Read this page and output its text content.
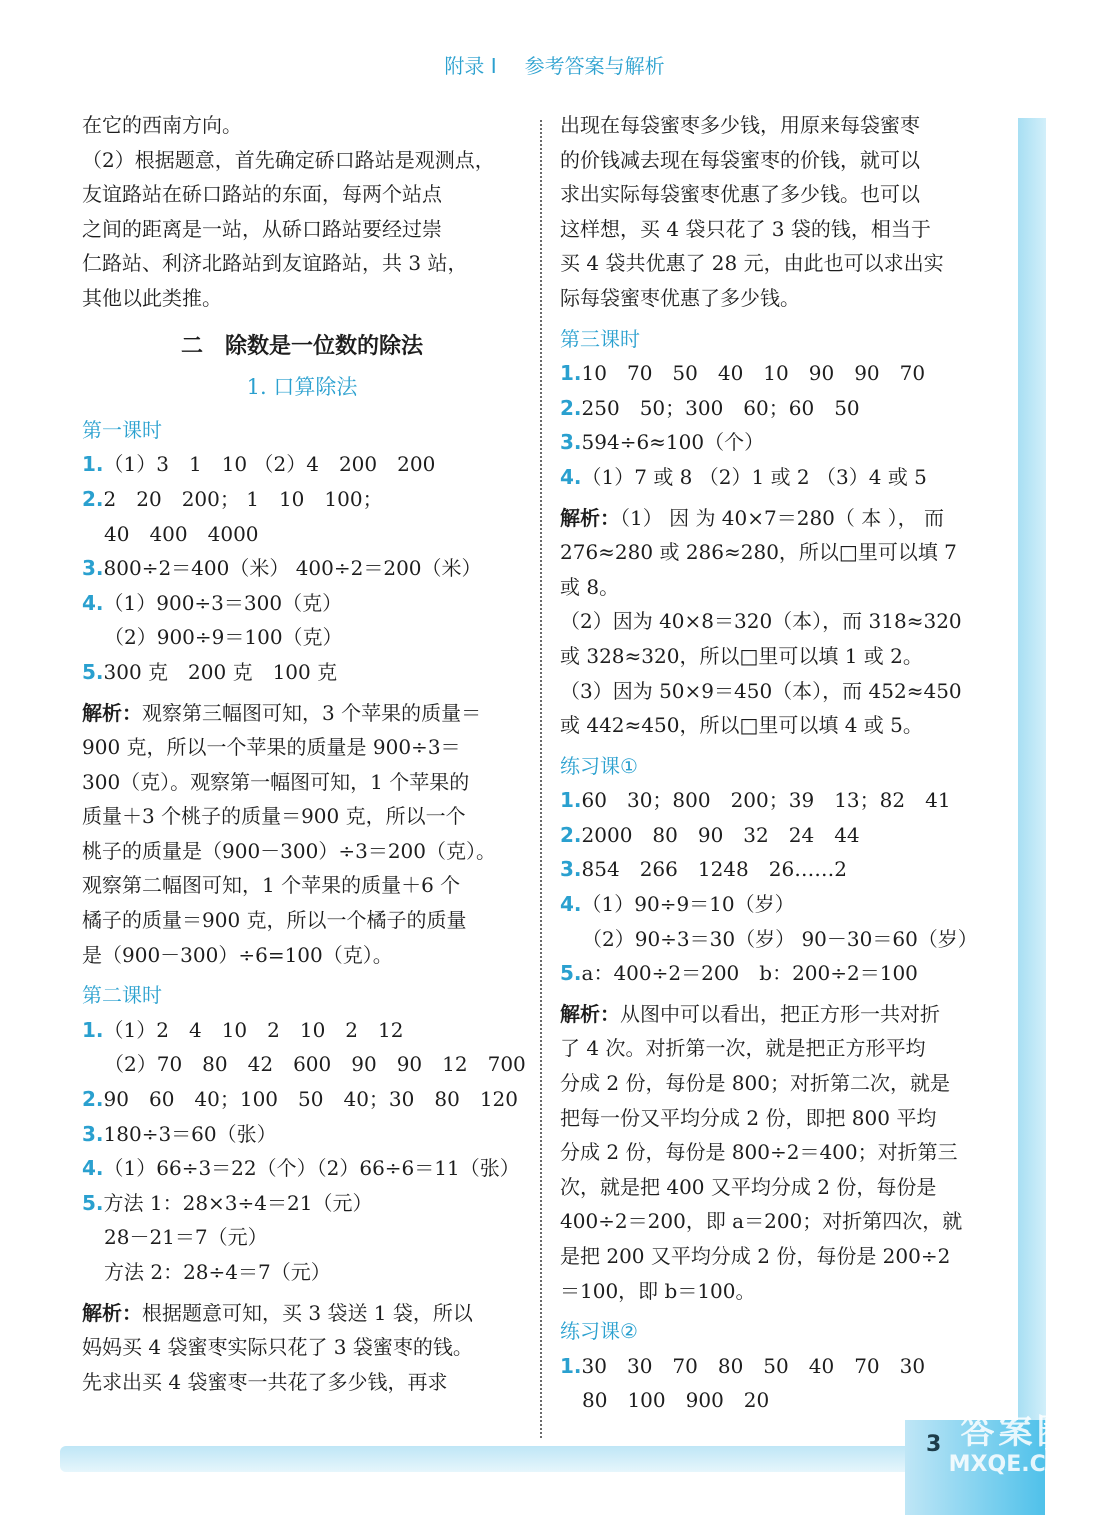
3 答案圈
MXQE.COM
附录 I 参考答案与解析

在它的西南方向。

（2）根据题意，首先确定硚口路站是观测点，

友谊路站在硚口路站的东面，每两个站点

之间的距离是一站，从硚口路站要经过崇

仁路站、利济北路站到友谊路站，共 3 站，

其他以此类推。

二　除数是一位数的除法

1. 口算除法

第一课时

1.（1）3　1　10 （2）4　200　200

2.2　20　200； 1　10　100；

40　400　4000

3.800÷2＝400（米） 400÷2＝200（米）

4.（1）900÷3＝300（克）

（2）900÷9＝100（克）

5.300 克　200 克　100 克

解析：观察第三幅图可知，3 个苹果的质量＝

900 克，所以一个苹果的质量是 900÷3＝

300（克）。观察第一幅图可知，1 个苹果的

质量＋3 个桃子的质量＝900 克，所以一个

桃子的质量是（900－300）÷3＝200（克）。

观察第二幅图可知，1 个苹果的质量＋6 个

橘子的质量＝900 克，所以一个橘子的质量

是（900－300）÷6=100（克）。

第二课时

1.（1）2　4　10　2　10　2　12

（2）70　80　42　600　90　90　12　700

2.90　60　40；100　50　40；30　80　120

3.180÷3＝60（张）

4.（1）66÷3＝22（个）（2）66÷6＝11（张）

5.方法 1：28×3÷4＝21（元）

28－21＝7（元）

方法 2：28÷4＝7（元）

解析：根据题意可知，买 3 袋送 1 袋，所以

妈妈买 4 袋蜜枣实际只花了 3 袋蜜枣的钱。

先求出买 4 袋蜜枣一共花了多少钱，再求

出现在每袋蜜枣多少钱，用原来每袋蜜枣

的价钱减去现在每袋蜜枣的价钱，就可以

求出实际每袋蜜枣优惠了多少钱。也可以

这样想，买 4 袋只花了 3 袋的钱，相当于

买 4 袋共优惠了 28 元，由此也可以求出实

际每袋蜜枣优惠了多少钱。

第三课时

1.10　70　50　40　10　90　90　70

2.250　50；300　60；60　50

3.594÷6≈100（个）

4.（1）7 或 8 （2）1 或 2 （3）4 或 5

解析：（1） 因 为 40×7＝280（ 本 ）， 而

276≈280 或 286≈280，所以□里可以填 7

或 8。

（2）因为 40×8＝320（本），而 318≈320

或 328≈320，所以□里可以填 1 或 2。

（3）因为 50×9＝450（本），而 452≈450

或 442≈450，所以□里可以填 4 或 5。

练习课①

1.60　30；800　200；39　13；82　41

2.2000　80　90　32　24　44

3.854　266　1248　26……2

4.（1）90÷9＝10（岁）

（2）90÷3＝30（岁） 90－30＝60（岁）

5.a：400÷2＝200　b：200÷2＝100

解析：从图中可以看出，把正方形一共对折

了 4 次。对折第一次，就是把正方形平均

分成 2 份，每份是 800；对折第二次，就是

把每一份又平均分成 2 份，即把 800 平均

分成 2 份，每份是 800÷2＝400；对折第三

次，就是把 400 又平均分成 2 份，每份是

400÷2＝200，即 a＝200；对折第四次，就

是把 200 又平均分成 2 份，每份是 200÷2

＝100，即 b＝100。

练习课②

1.30　30　70　80　50　40　70　30

80　100　900　20
